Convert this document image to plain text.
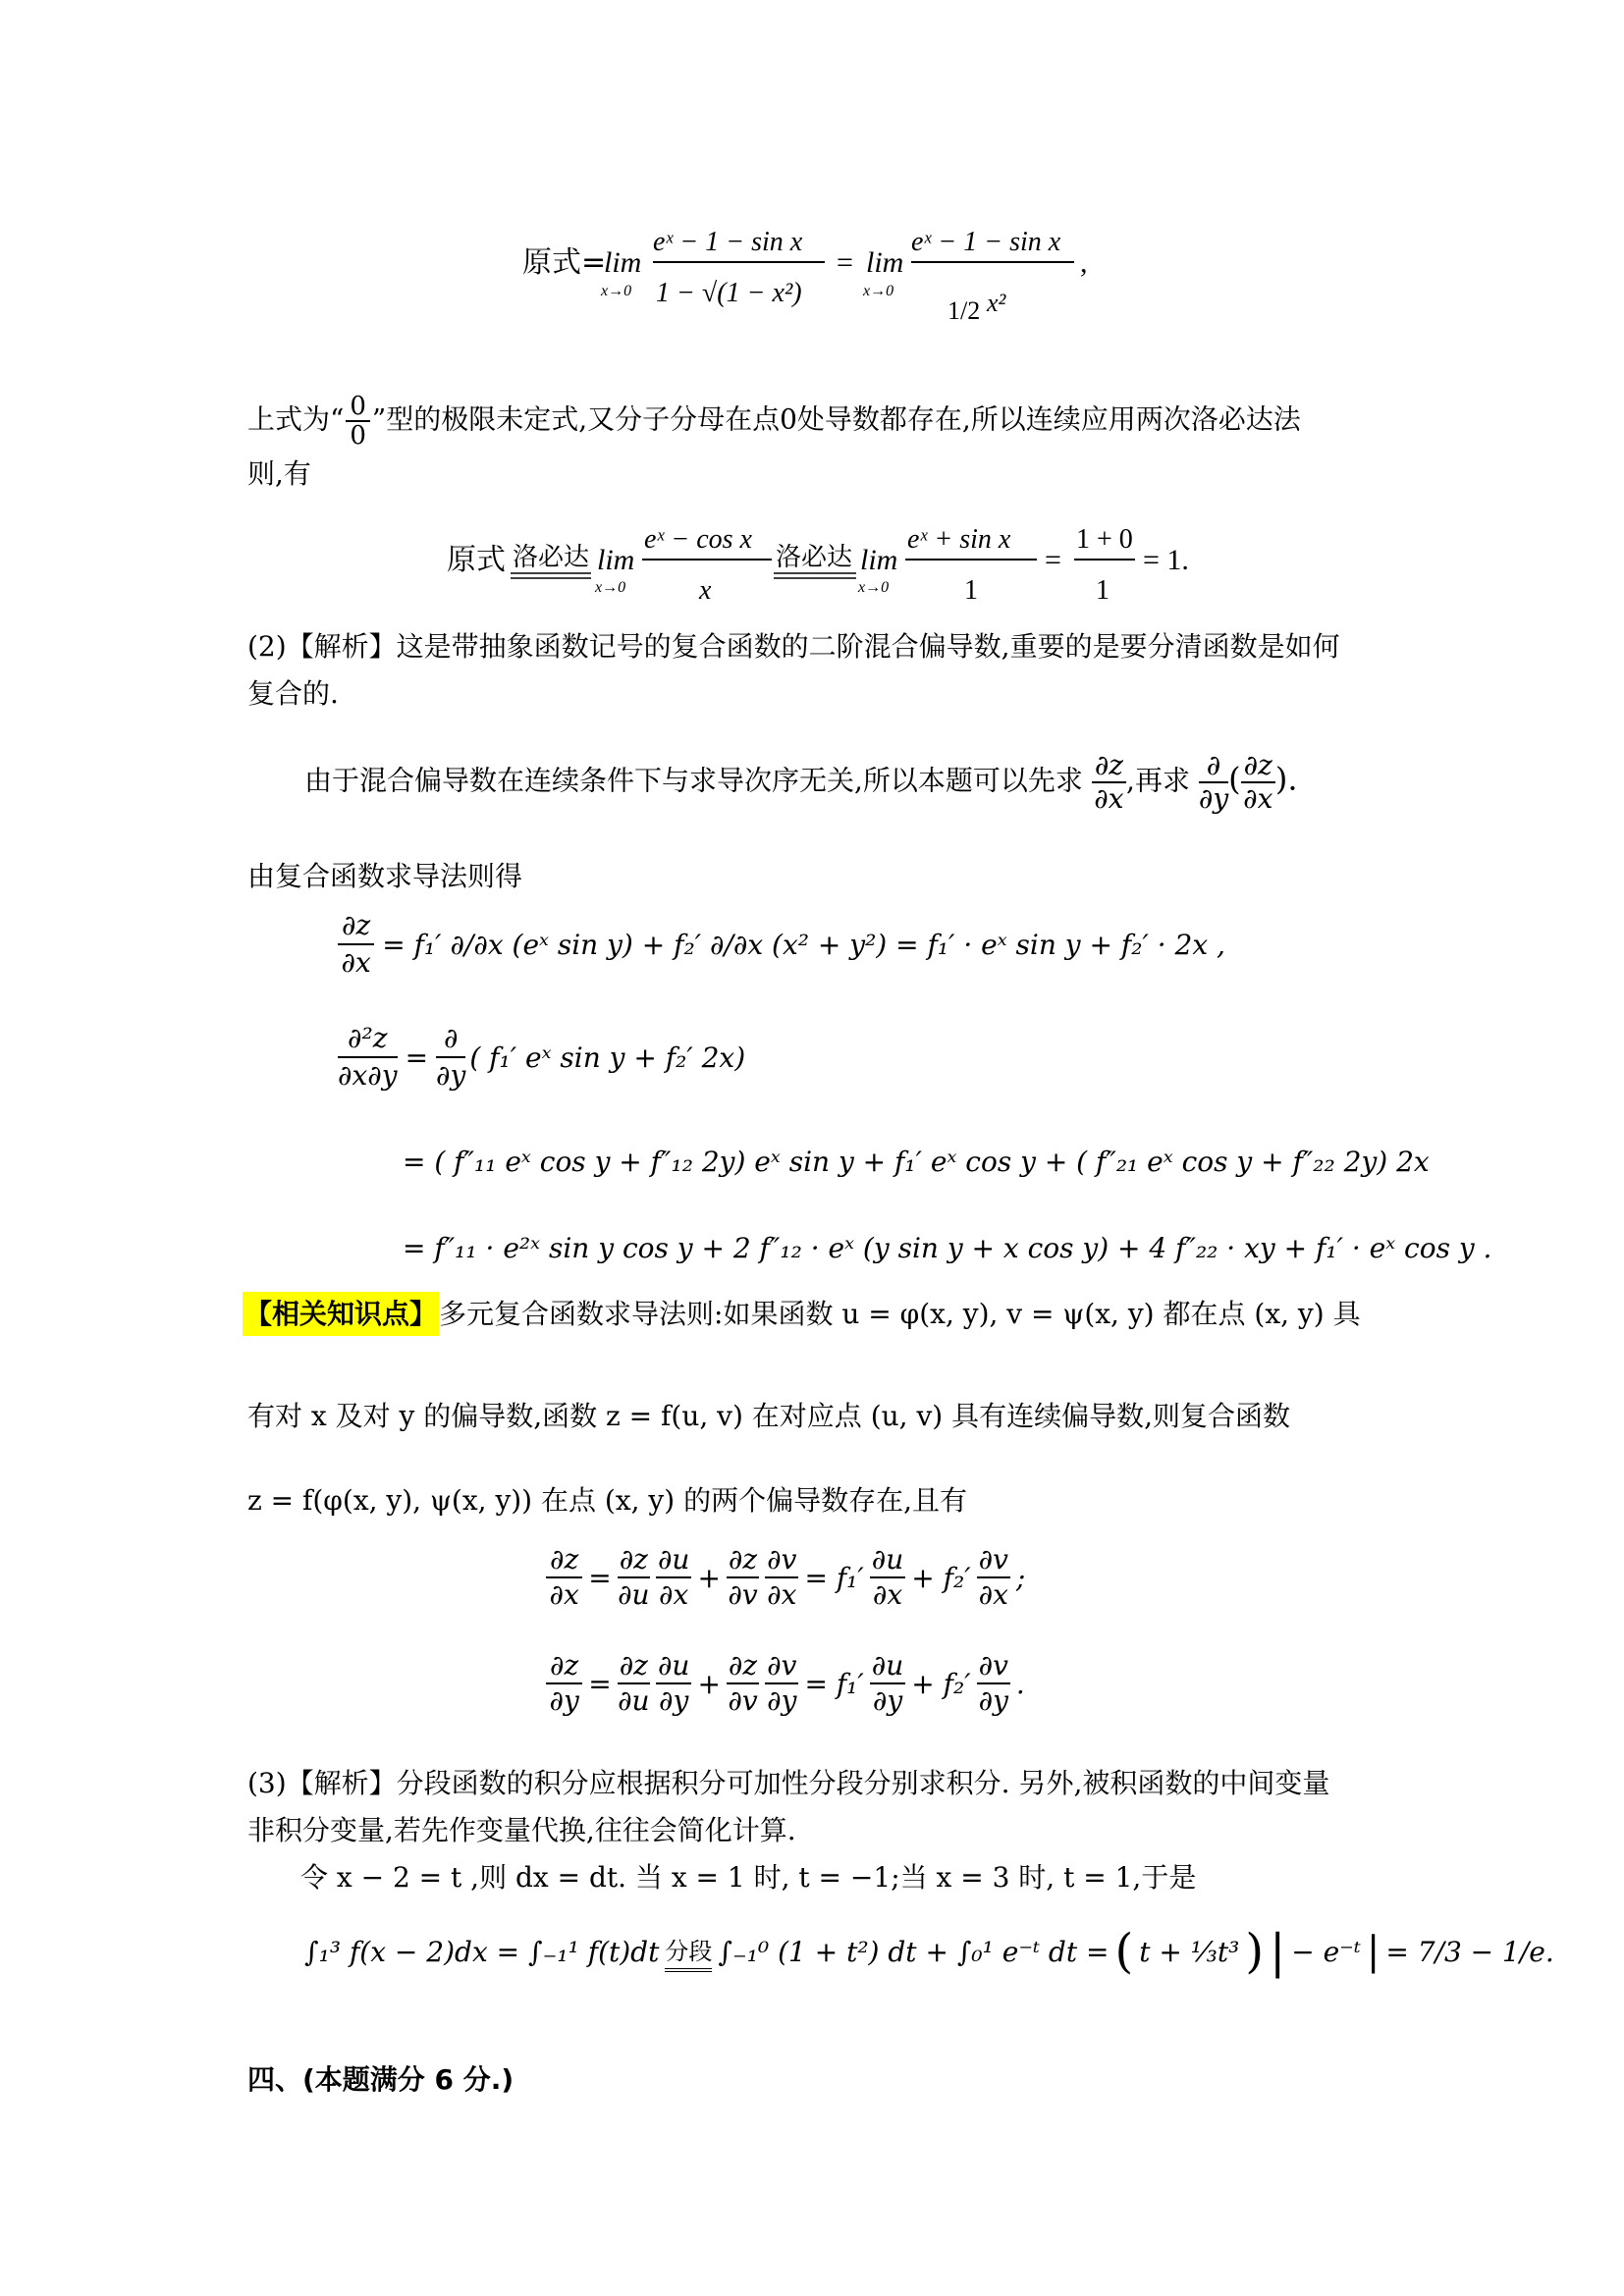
原式=
lim
x→0
eˣ − 1 − sin x
1 − √(1 − x²)
= lim
x→0
eˣ − 1 − sin x
1/2 x²
,
上式为“ $\frac{0}{0}$ ”型的极限未定式,又分子分母在点0处导数都存在,所以连续应用两次洛必达法
则,有
原式 洛必达 lim
x→0
eˣ − cos x
x
洛必达 lim
x→0
eˣ + sin x
1
=
1 + 0
1
= 1.
(2)【解析】这是带抽象函数记号的复合函数的二阶混合偏导数,重要的是要分清函数是如何
复合的.
由于混合偏导数在连续条件下与求导次序无关,所以本题可以先求 $\frac{\partial z}{\partial x}$ ,再求 ∂
∂y
( $\frac{\partial z}{\partial x}$ ).
由复合函数求导法则得
$\frac{\partial z}{\partial x} = f_1'$ ∂/∂x (eˣ sin y) + f₂′ ∂/∂x (x² + y²) = f₁′ · eˣ sin y + f₂′ · 2x ,
$\frac{\text{∂²z}}{\partial x\partial y}$ =
∂
∂y
( f₁′ eˣ sin y + f₂′ 2x)
= ( f″₁₁ eˣ cos y + f″₁₂ 2y) eˣ sin y + f₁′ eˣ cos y + ( f″₂₁ eˣ cos y + f″₂₂ 2y) 2x
= f″₁₁ · e²ˣ sin y cos y + 2 f″₁₂ · eˣ (y sin y + x cos y) + 4 f″₂₂ · xy + f₁′ · eˣ cos y .
【相关知识点】多元复合函数求导法则:如果函数 u = φ(x, y), v = ψ(x, y) 都在点 (x, y) 具
有对 x 及对 y 的偏导数,函数 z = f(u, v) 在对应点 (u, v) 具有连续偏导数,则复合函数
z = f(φ(x, y), ψ(x, y)) 在点 (x, y) 的两个偏导数存在,且有
$\frac{\partial z}{\partial x} = \frac{\partial z}{\partial u} \partial u$
∂x
+ $\frac{\partial z}{\partial v} \frac{\partial v}{\partial x} = f_1'$
∂u
∂x
+ f₂′
∂v
∂x
;
$\frac{\partial z}{\partial y} = \frac{\partial z}{\partial u} \partial u$
∂y
+ $\frac{\partial z}{\partial v} \frac{\partial v}{\partial y} = f_1'$
∂u
∂y
+ f₂′
∂v
∂y
.
(3)【解析】分段函数的积分应根据积分可加性分段分别求积分. 另外,被积函数的中间变量
非积分变量,若先作变量代换,往往会简化计算.
令 x − 2 = t ,则 dx = dt. 当 x = 1 时, t = −1;当 x = 3 时, t = 1,于是
∫₁³ f(x − 2)dx = ∫₋₁¹ f(t)dt 分段 ∫₋₁⁰ (1 + t²) dt + ∫₀¹ e⁻ᵗ dt = ( t + ⅓t³ ) | − e⁻ᵗ | = 7/3 − 1/e.
四、(本题满分 6 分.)
